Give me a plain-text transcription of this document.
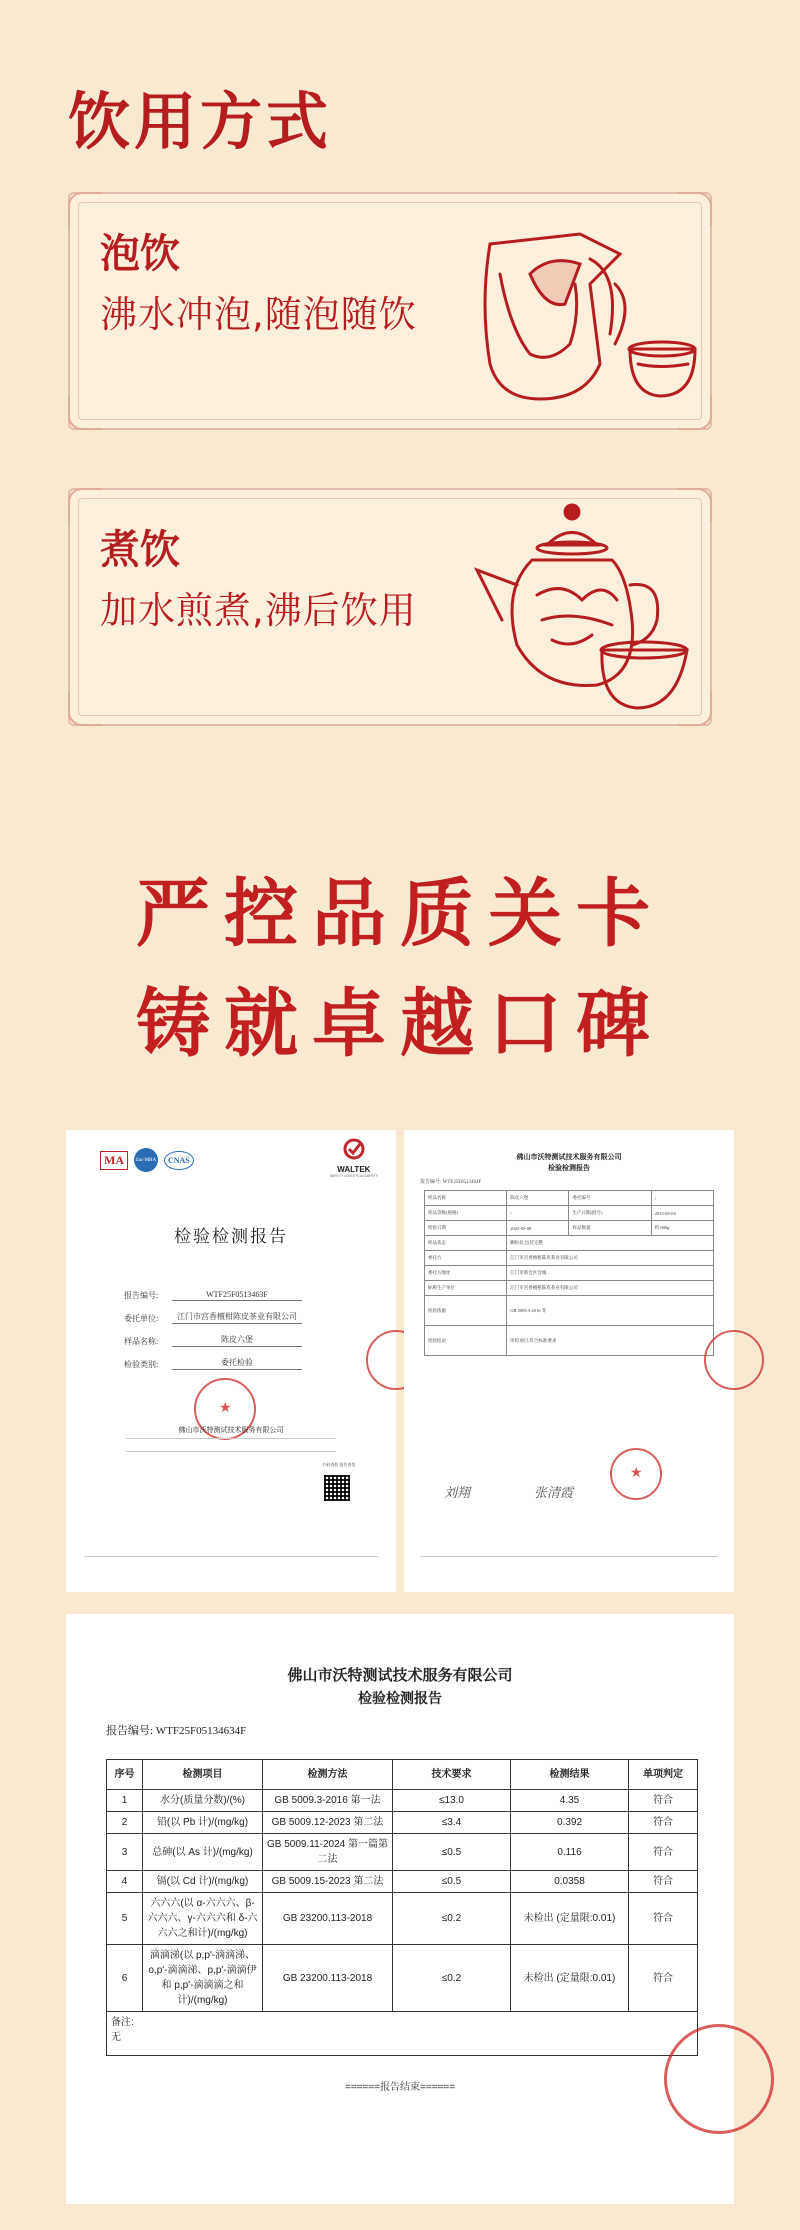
饮用方式
泡饮
沸水冲泡,随泡随饮
煮饮
加水煎煮,沸后饮用
严控品质关卡
铸就卓越口碑
MA	ilac-MRA	CNAS
WALTEK
SAFETY GIVES YOU SAFETY
检验检测报告
报告编号:	WTF25F0513463F
委托单位:	江门市宫香檀柑陈皮茶业有限公司
样品名称:	陈皮六堡
检验类别:	委托检验
★
佛山市沃特测试技术服务有限公司
扫码查验 报告真伪
佛山市沃特测试技术服务有限公司
检验检测报告
报告编号: WTF25F0513464F
样品名称	陈皮六堡	委托编号	/
样品等级(规格)	/	生产日期(批号)	2025-05-04
检验日期	2025-05-08	样品数量	约 600g
样品状态	颗粒状,包装完整		
委托方	江门市宫香檀柑陈皮茶业有限公司		
委托方地址	江门市新会区会城…		
标称生产单位	江门市宫香檀柑陈皮茶业有限公司		
检验依据	GB 5009.3-2016 等		
检验结论	所检项目,符合标准要求		
★
刘翔	张清霞
佛山市沃特测试技术服务有限公司
检验检测报告
报告编号: WTF25F05134634F
序号	检测项目	检测方法	技术要求	检测结果	单项判定
1	水分(质量分数)/(%)	GB 5009.3-2016 第一法	≤13.0	4.35	符合
2	铅(以 Pb 计)/(mg/kg)	GB 5009.12-2023 第二法	≤3.4	0.392	符合
3	总砷(以 As 计)/(mg/kg)	GB 5009.11-2024 第一篇第二法	≤0.5	0.116	符合
4	镉(以 Cd 计)/(mg/kg)	GB 5009.15-2023 第二法	≤0.5	0.0358	符合
5	六六六(以 α-六六六、β-六六六、γ-六六六和 δ-六六六之和计)/(mg/kg)	GB 23200.113-2018	≤0.2	未检出 (定量限:0.01)	符合
6	滴滴涕(以 p,p'-滴滴涕、o,p'-滴滴涕、p,p'-滴滴伊和 p,p'-滴滴滴之和计)/(mg/kg)	GB 23200.113-2018	≤0.2	未检出 (定量限:0.01)	符合

备注:
无					
======报告结束======
